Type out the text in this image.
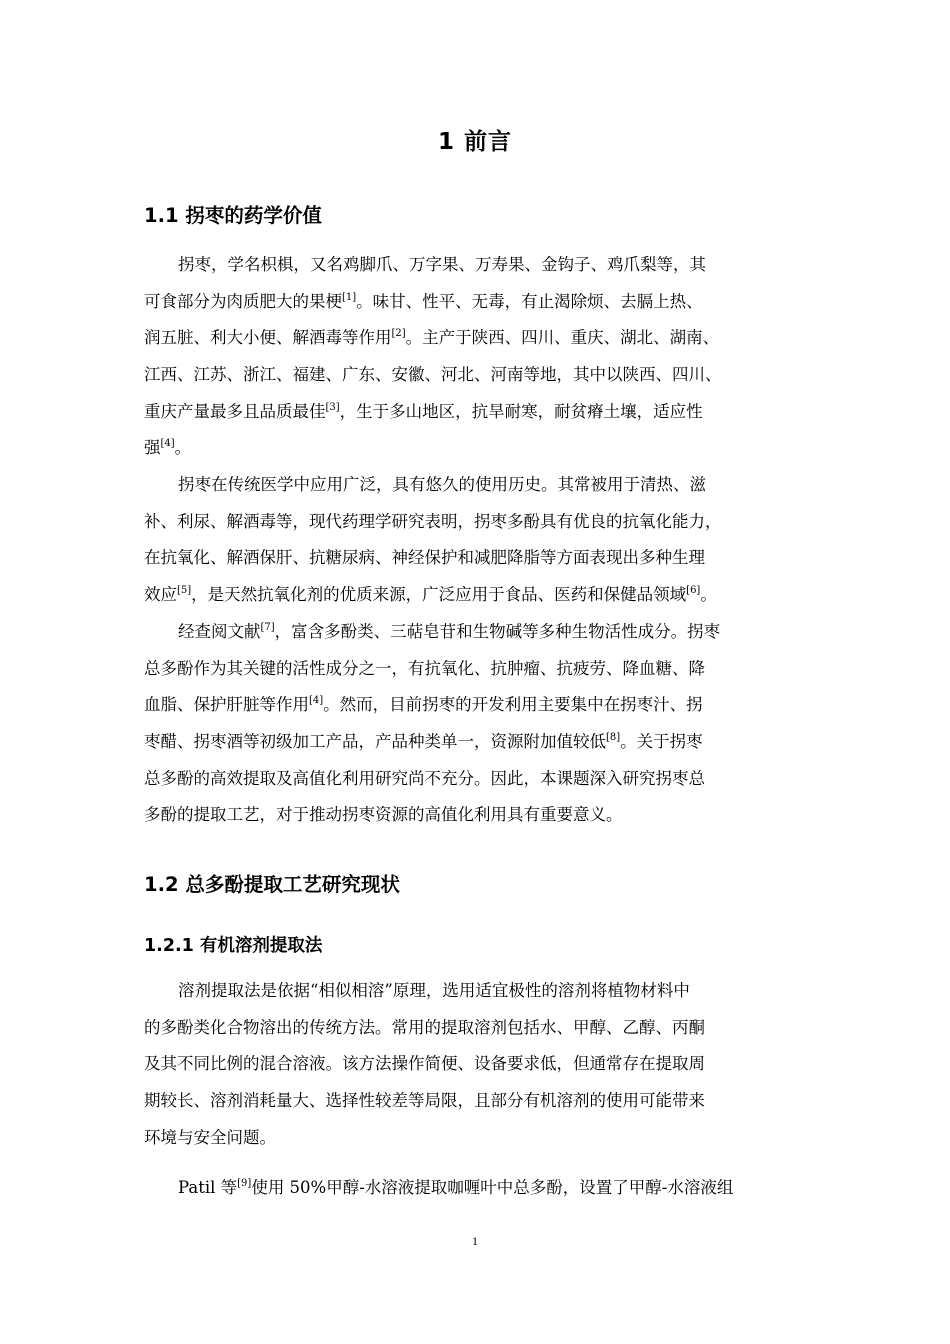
1 前言
1.1 拐枣的药学价值
拐枣，学名枳椇，又名鸡脚爪、万字果、万寿果、金钩子、鸡爪梨等，其
可食部分为肉质肥大的果梗[1]。味甘、性平、无毒，有止渴除烦、去膈上热、
润五脏、利大小便、解酒毒等作用[2]。主产于陕西、四川、重庆、湖北、湖南、
江西、江苏、浙江、福建、广东、安徽、河北、河南等地，其中以陕西、四川、
重庆产量最多且品质最佳[3]，生于多山地区，抗旱耐寒，耐贫瘠土壤，适应性
强[4]。
拐枣在传统医学中应用广泛，具有悠久的使用历史。其常被用于清热、滋
补、利尿、解酒毒等，现代药理学研究表明，拐枣多酚具有优良的抗氧化能力，
在抗氧化、解酒保肝、抗糖尿病、神经保护和减肥降脂等方面表现出多种生理
效应[5]，是天然抗氧化剂的优质来源，广泛应用于食品、医药和保健品领域[6]。
经查阅文献[7]，富含多酚类、三萜皂苷和生物碱等多种生物活性成分。拐枣
总多酚作为其关键的活性成分之一，有抗氧化、抗肿瘤、抗疲劳、降血糖、降
血脂、保护肝脏等作用[4]。然而，目前拐枣的开发利用主要集中在拐枣汁、拐
枣醋、拐枣酒等初级加工产品，产品种类单一，资源附加值较低[8]。关于拐枣
总多酚的高效提取及高值化利用研究尚不充分。因此，本课题深入研究拐枣总
多酚的提取工艺，对于推动拐枣资源的高值化利用具有重要意义。
1.2 总多酚提取工艺研究现状
1.2.1 有机溶剂提取法
溶剂提取法是依据“相似相溶”原理，选用适宜极性的溶剂将植物材料中
的多酚类化合物溶出的传统方法。常用的提取溶剂包括水、甲醇、乙醇、丙酮
及其不同比例的混合溶液。该方法操作简便、设备要求低，但通常存在提取周
期较长、溶剂消耗量大、选择性较差等局限，且部分有机溶剂的使用可能带来
环境与安全问题。
Patil 等[9]使用 50%甲醇-水溶液提取咖喱叶中总多酚，设置了甲醇-水溶液组
1
